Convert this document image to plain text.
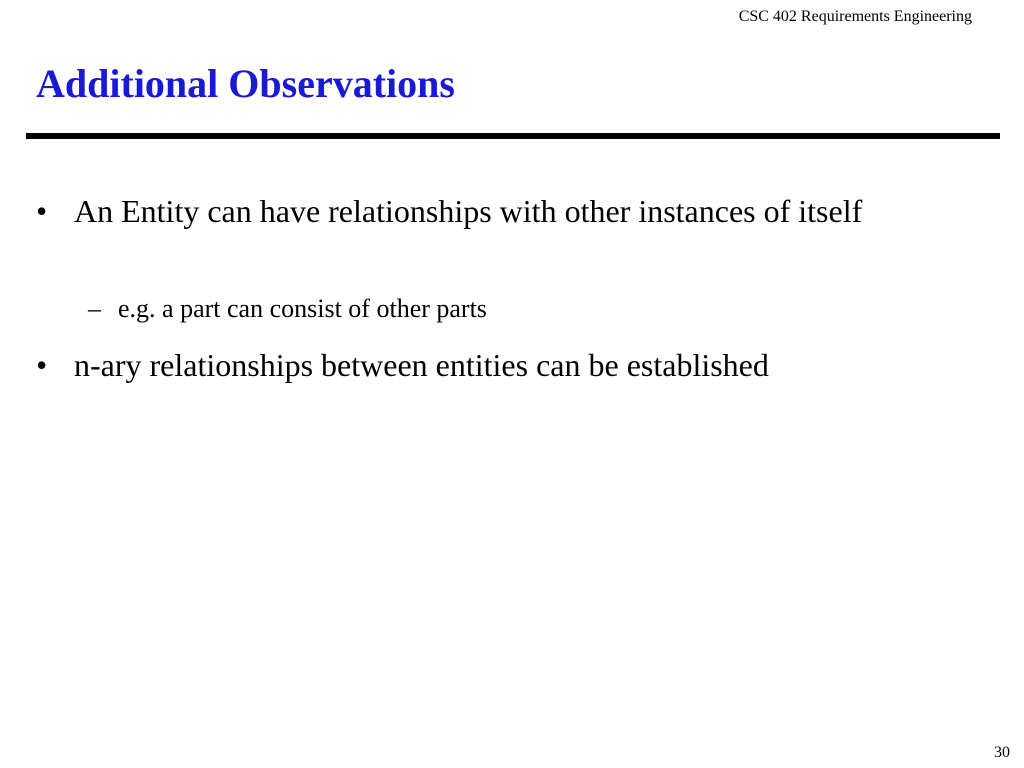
CSC 402 Requirements Engineering
Additional Observations
• An Entity can have relationships with other instances of itself
– e.g. a part can consist of other parts
• n-ary relationships between entities can be established
30
